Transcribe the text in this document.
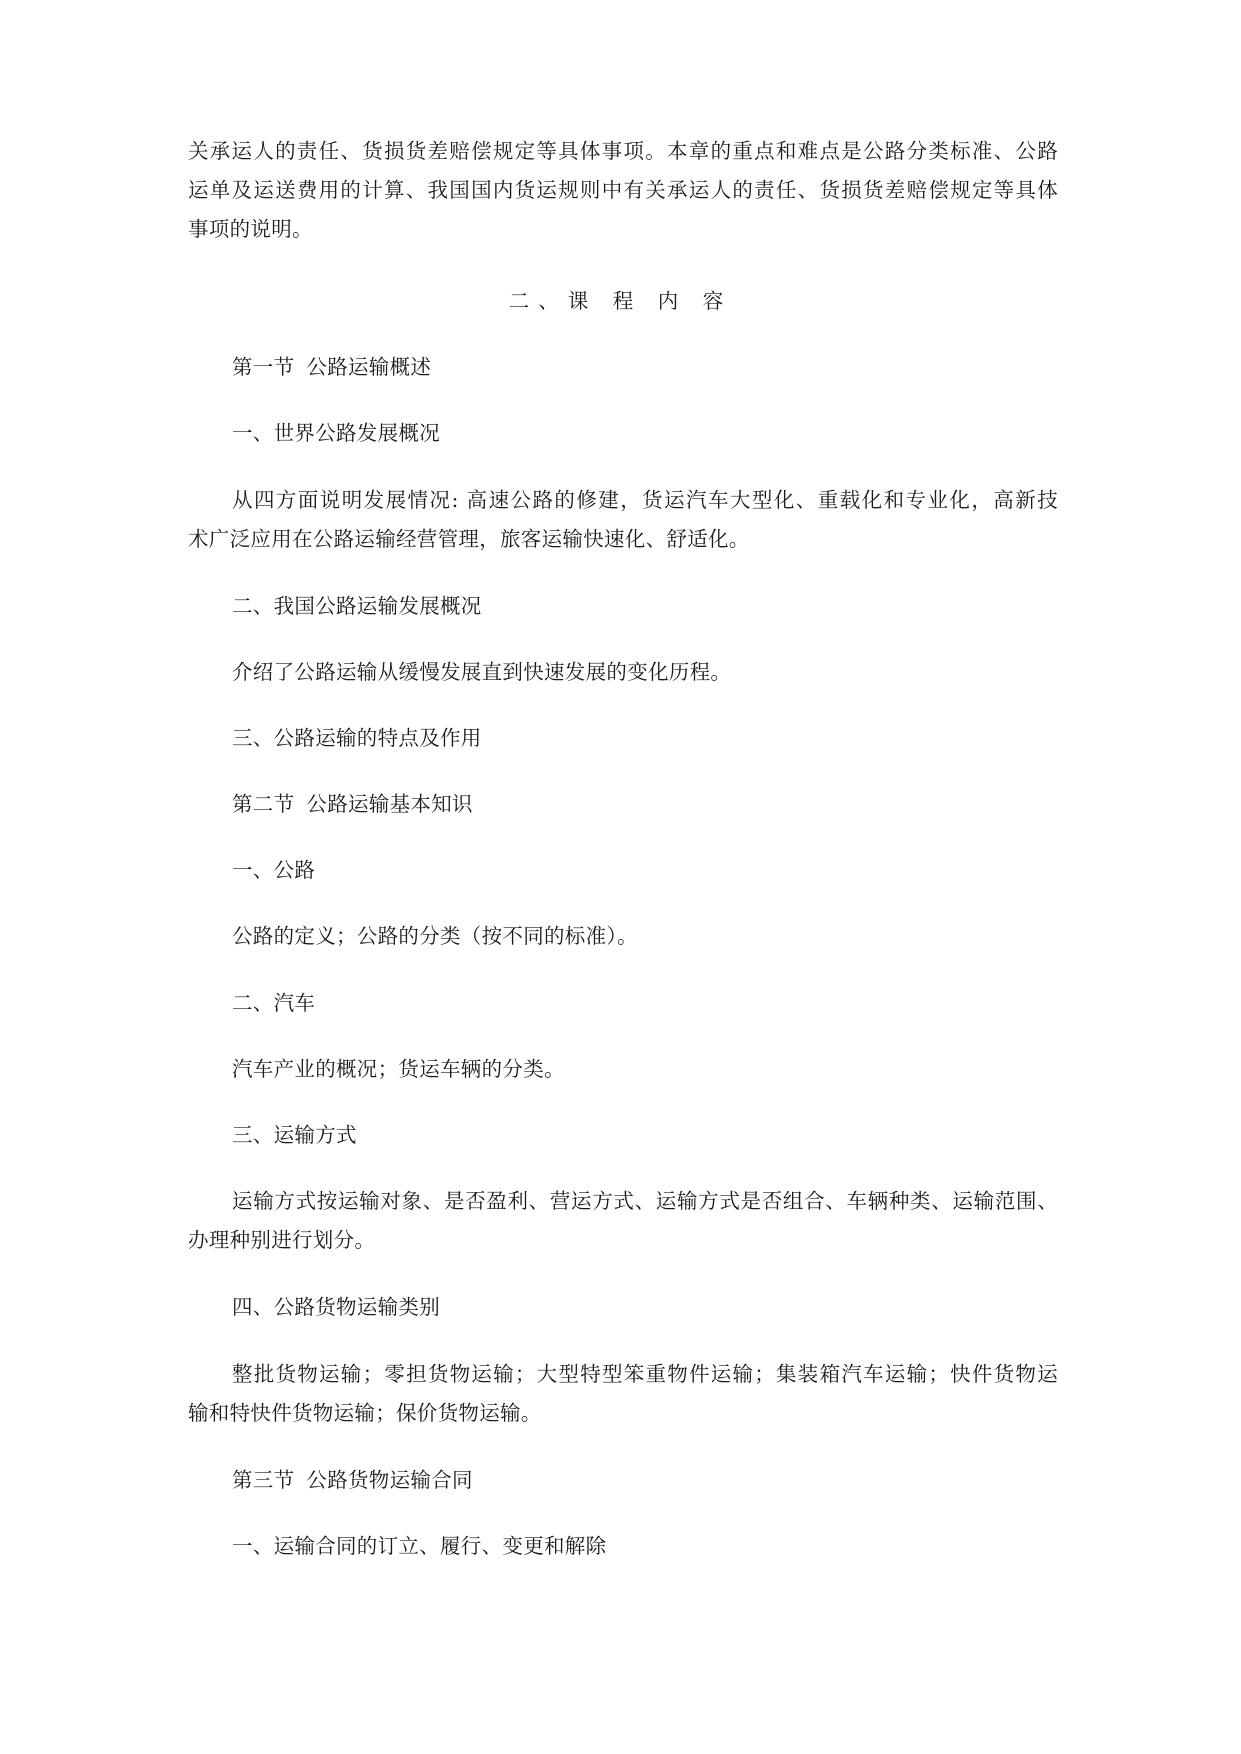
关承运人的责任、货损货差赔偿规定等具体事项。本章的重点和难点是公路分类标准、公路
运单及运送费用的计算、我国国内货运规则中有关承运人的责任、货损货差赔偿规定等具体
事项的说明。
二、课 程 内 容
第一节 公路运输概述
一、世界公路发展概况
从四方面说明发展情况: 高速公路的修建，货运汽车大型化、重载化和专业化，高新技
术广泛应用在公路运输经营管理，旅客运输快速化、舒适化。
二、我国公路运输发展概况
介绍了公路运输从缓慢发展直到快速发展的变化历程。
三、公路运输的特点及作用
第二节 公路运输基本知识
一、公路
公路的定义；公路的分类（按不同的标准）。
二、汽车
汽车产业的概况；货运车辆的分类。
三、运输方式
运输方式按运输对象、是否盈利、营运方式、运输方式是否组合、车辆种类、运输范围、
办理种别进行划分。
四、公路货物运输类别
整批货物运输；零担货物运输；大型特型笨重物件运输；集装箱汽车运输；快件货物运
输和特快件货物运输；保价货物运输。
第三节 公路货物运输合同
一、运输合同的订立、履行、变更和解除
